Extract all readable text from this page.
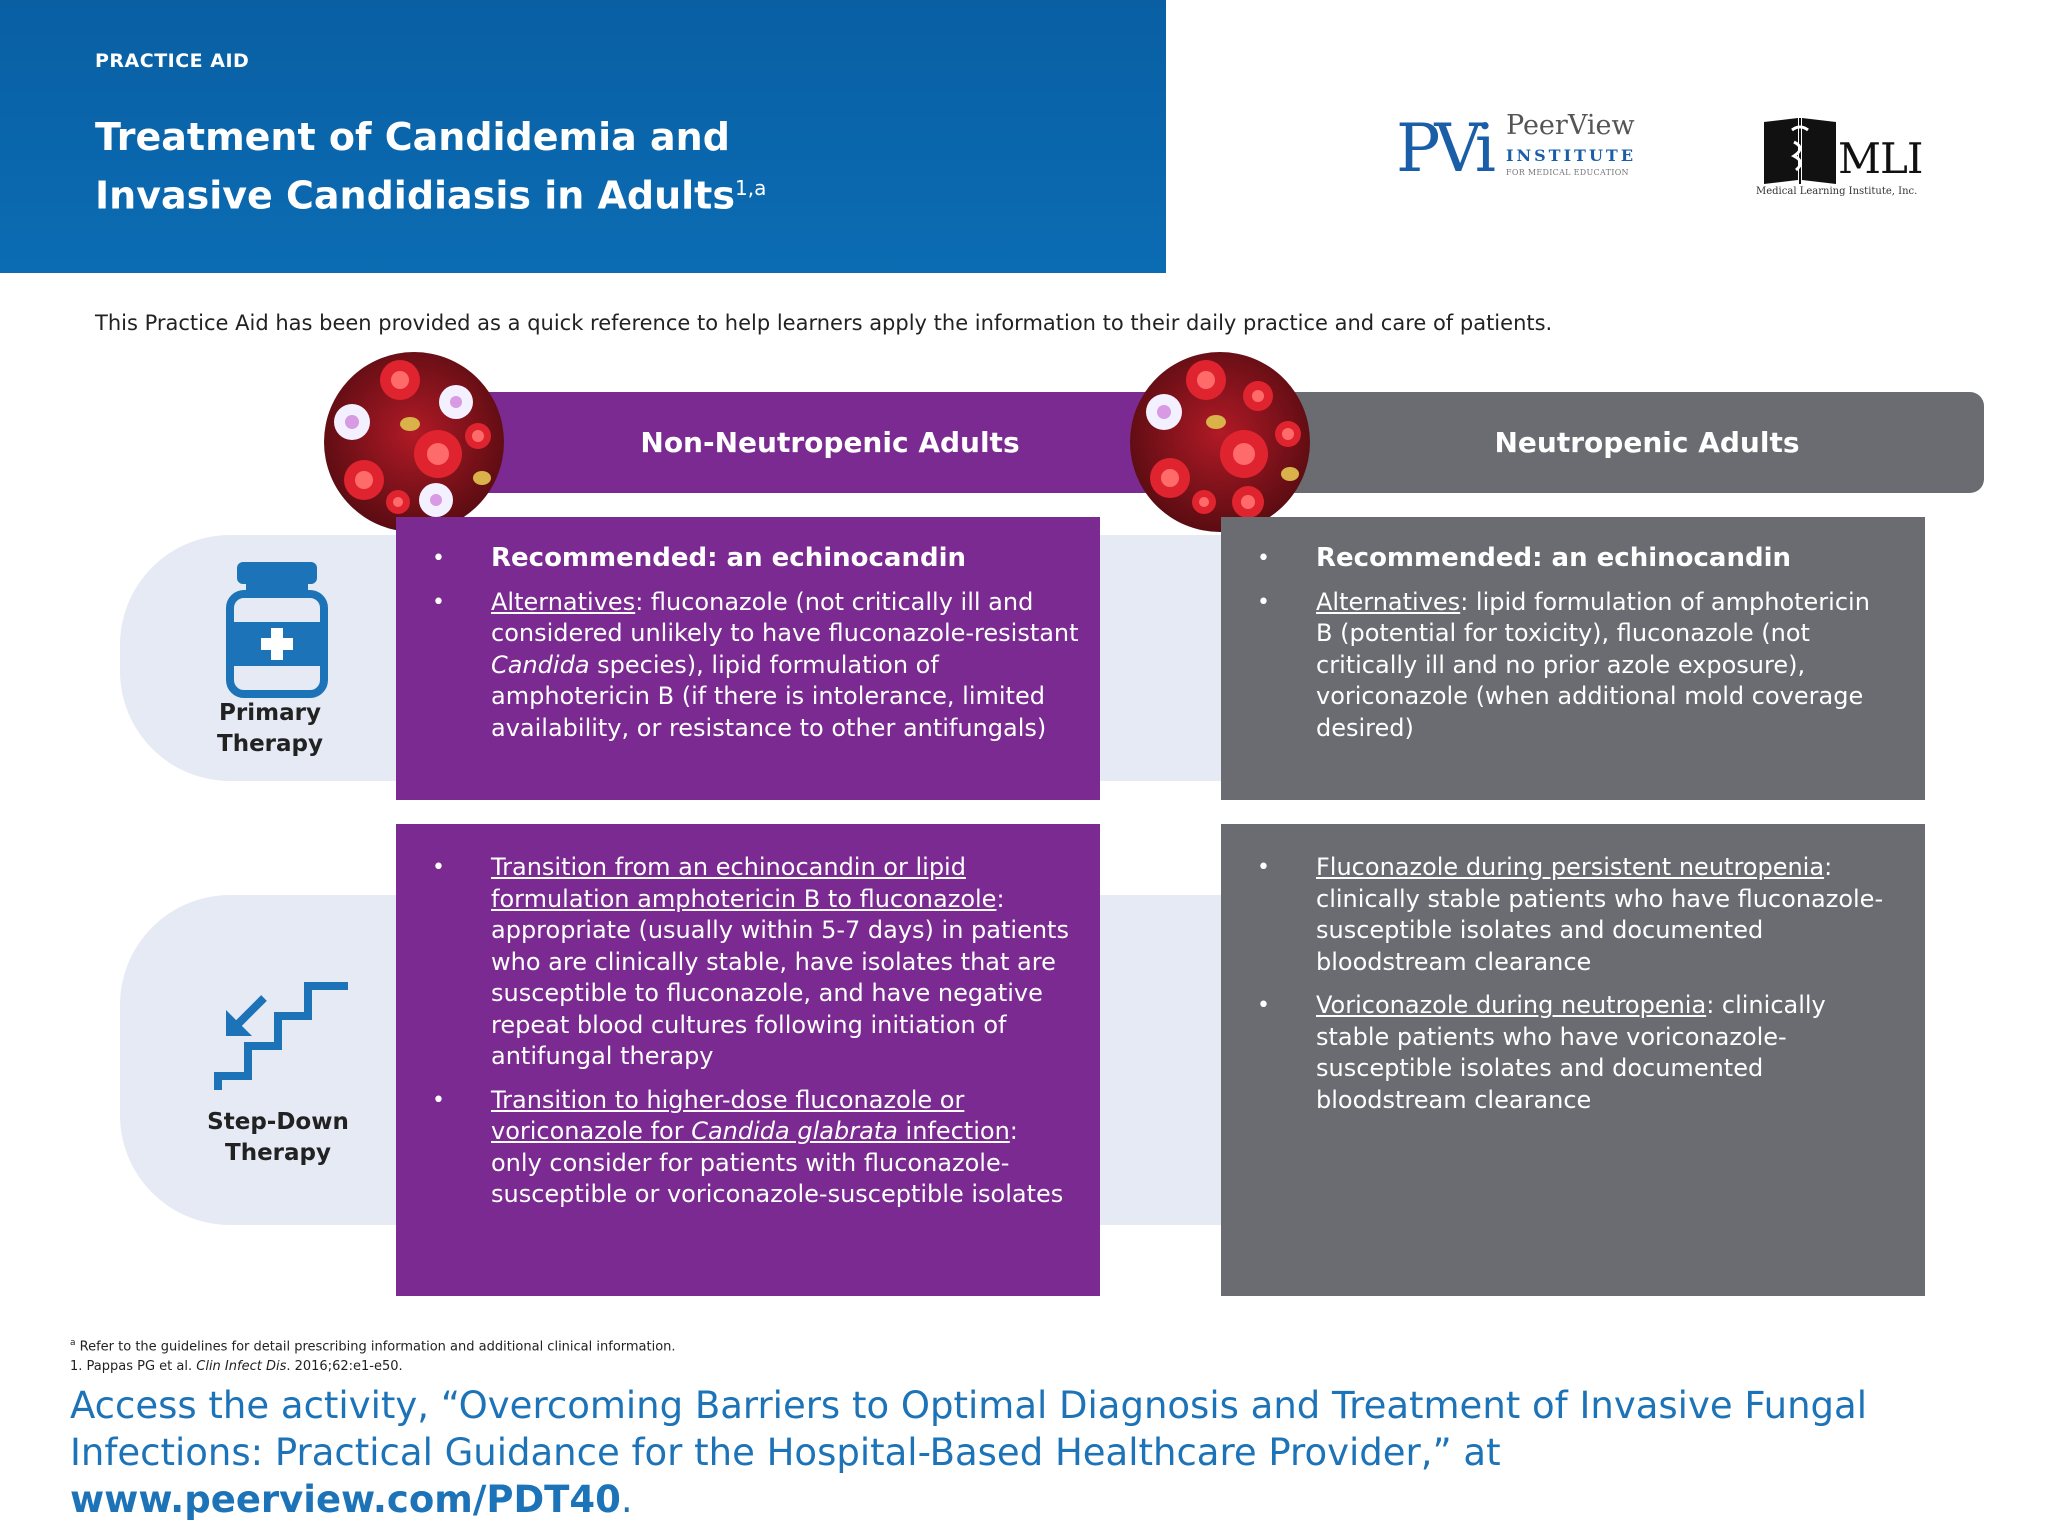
PRACTICE AID
Treatment of Candidemia and
Invasive Candidiasis in Adults$^{1,a}$
PVi PeerView
INSTITUTE
FOR MEDICAL EDUCATION	MLI
Medical Learning Institute, Inc.
This Practice Aid has been provided as a quick reference to help learners apply the information to their daily practice and care of patients.
Primary
Therapy
Step-Down
Therapy
Non-Neutropenic Adults	Neutropenic Adults
• Recommended: an echinocandin
• Alternatives: fluconazole (not critically ill and considered unlikely to have fluconazole-resistant Candida species), lipid formulation of amphotericin B (if there is intolerance, limited availability, or resistance to other antifungals)
• Recommended: an echinocandin
• Alternatives: lipid formulation of amphotericin B (potential for toxicity), fluconazole (not critically ill and no prior azole exposure), voriconazole (when additional mold coverage desired)
• Transition from an echinocandin or lipid formulation amphotericin B to fluconazole: appropriate (usually within 5-7 days) in patients who are clinically stable, have isolates that are susceptible to fluconazole, and have negative repeat blood cultures following initiation of antifungal therapy
• Transition to higher-dose fluconazole or voriconazole for Candida glabrata infection: only consider for patients with fluconazole-susceptible or voriconazole-susceptible isolates
• Fluconazole during persistent neutropenia: clinically stable patients who have fluconazole-susceptible isolates and documented bloodstream clearance
• Voriconazole during neutropenia: clinically stable patients who have voriconazole-susceptible isolates and documented bloodstream clearance
$^a$ Refer to the guidelines for detail prescribing information and additional clinical information.
1. Pappas PG et al. Clin Infect Dis. 2016;62:e1-e50.
Access the activity, “Overcoming Barriers to Optimal Diagnosis and Treatment of Invasive Fungal Infections: Practical Guidance for the Hospital-Based Healthcare Provider,” at www.peerview.com/PDT40.
